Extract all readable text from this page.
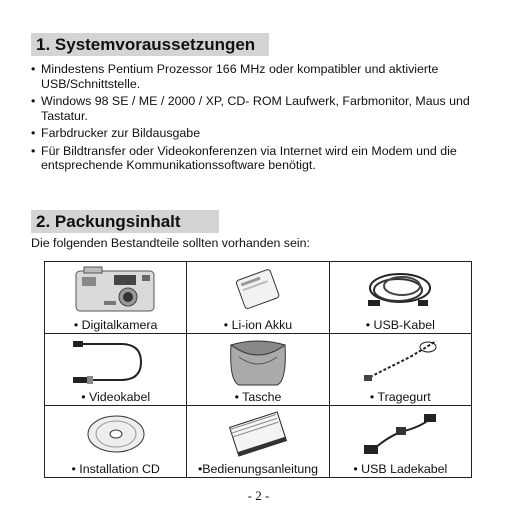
1. Systemvoraussetzungen
• Mindestens Pentium Prozessor 166 MHz oder kompatibler und aktivierte USB/Schnittstelle.
• Windows 98 SE / ME / 2000 / XP, CD- ROM Laufwerk, Farbmonitor, Maus und Tastatur.
• Farbdrucker zur Bildausgabe
• Für Bildtransfer oder Videokonferenzen via Internet wird ein Modem und die entsprechende Kommunikationssoftware benötigt.
2. Packungsinhalt
Die folgenden Bestandteile sollten vorhanden sein:
• Digitalkamera	• Li-ion Akku	• USB-Kabel

• Videokabel	• Tasche	• Tragegurt

• Installation CD	•Bedienungsanleitung	• USB Ladekabel
- 2 -
